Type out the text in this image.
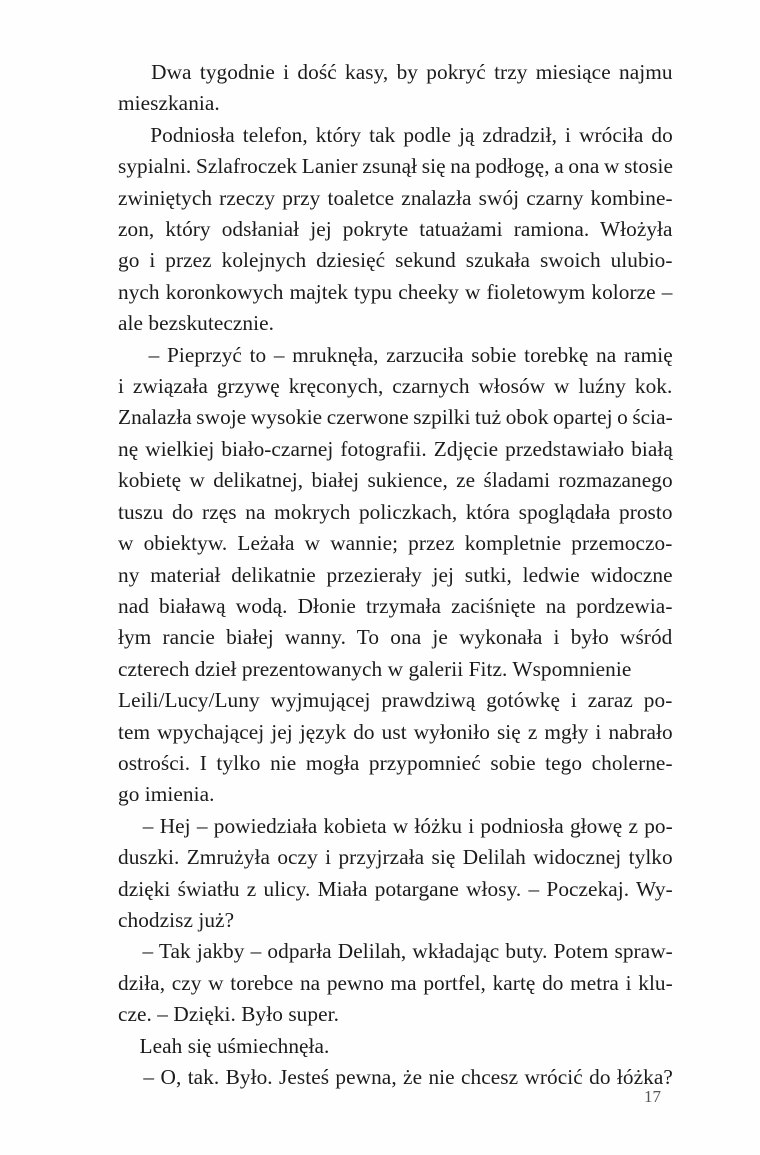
Dwa tygodnie i dość kasy, by pokryć trzy miesiące najmu
mieszkania.
Podniosła telefon, który tak podle ją zdradził, i wróciła do
sypialni. Szlafroczek Lanier zsunął się na podłogę, a ona w stosie
zwiniętych rzeczy przy toaletce znalazła swój czarny kombine-
zon, który odsłaniał jej pokryte tatuażami ramiona. Włożyła
go i przez kolejnych dziesięć sekund szukała swoich ulubio-
nych koronkowych majtek typu cheeky w fioletowym kolorze –
ale bezskutecznie.
– Pieprzyć to – mruknęła, zarzuciła sobie torebkę na ramię
i związała grzywę kręconych, czarnych włosów w luźny kok.
Znalazła swoje wysokie czerwone szpilki tuż obok opartej o ścia-
nę wielkiej biało-czarnej fotografii. Zdjęcie przedstawiało białą
kobietę w delikatnej, białej sukience, ze śladami rozmazanego
tuszu do rzęs na mokrych policzkach, która spoglądała prosto
w obiektyw. Leżała w wannie; przez kompletnie przemoczo-
ny materiał delikatnie przezierały jej sutki, ledwie widoczne
nad białawą wodą. Dłonie trzymała zaciśnięte na pordzewia-
łym rancie białej wanny. To ona je wykonała i było wśród
czterech dzieł prezentowanych w galerii Fitz. Wspomnienie
Leili/Lucy/Luny wyjmującej prawdziwą gotówkę i zaraz po-
tem wpychającej jej język do ust wyłoniło się z mgły i nabrało
ostrości. I tylko nie mogła przypomnieć sobie tego cholerne-
go imienia.
– Hej – powiedziała kobieta w łóżku i podniosła głowę z po-
duszki. Zmrużyła oczy i przyjrzała się Delilah widocznej tylko
dzięki światłu z ulicy. Miała potargane włosy. – Poczekaj. Wy-
chodzisz już?
– Tak jakby – odparła Delilah, wkładając buty. Potem spraw-
dziła, czy w torebce na pewno ma portfel, kartę do metra i klu-
cze. – Dzięki. Było super.
Leah się uśmiechnęła.
– O, tak. Było. Jesteś pewna, że nie chcesz wrócić do łóżka?
17
